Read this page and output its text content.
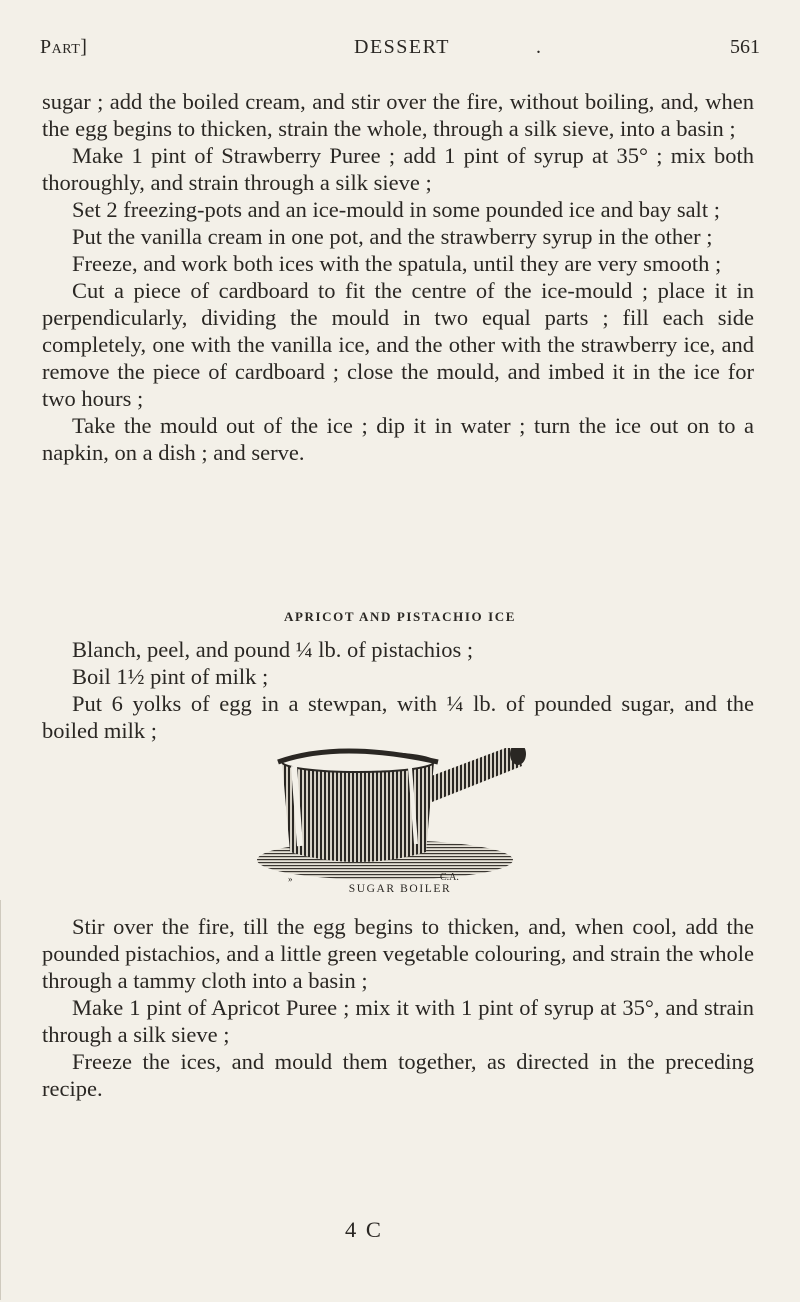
Part]	DESSERT	.	561

sugar ; add the boiled cream, and stir over the fire, without boiling, and, when the egg begins to thicken, strain the whole, through a silk sieve, into a basin ;

Make 1 pint of Strawberry Puree ; add 1 pint of syrup at 35° ; mix both thoroughly, and strain through a silk sieve ;

Set 2 freezing-pots and an ice-mould in some pounded ice and bay salt ;

Put the vanilla cream in one pot, and the strawberry syrup in the other ;

Freeze, and work both ices with the spatula, until they are very smooth ;

Cut a piece of cardboard to fit the centre of the ice-mould ; place it in perpendicularly, dividing the mould in two equal parts ; fill each side completely, one with the vanilla ice, and the other with the strawberry ice, and remove the piece of cardboard ; close the mould, and imbed it in the ice for two hours ;

Take the mould out of the ice ; dip it in water ; turn the ice out on to a napkin, on a dish ; and serve.

APRICOT AND PISTACHIO ICE

Blanch, peel, and pound ¼ lb. of pistachios ;

Boil 1½ pint of milk ;

Put 6 yolks of egg in a stewpan, with ¼ lb. of pounded sugar, and the boiled milk ;

»	C.A.
SUGAR BOILER

Stir over the fire, till the egg begins to thicken, and, when cool, add the pounded pistachios, and a little green vegetable colouring, and strain the whole through a tammy cloth into a basin ;

Make 1 pint of Apricot Puree ; mix it with 1 pint of syrup at 35°, and strain through a silk sieve ;

Freeze the ices, and mould them together, as directed in the preceding recipe.

4 C
